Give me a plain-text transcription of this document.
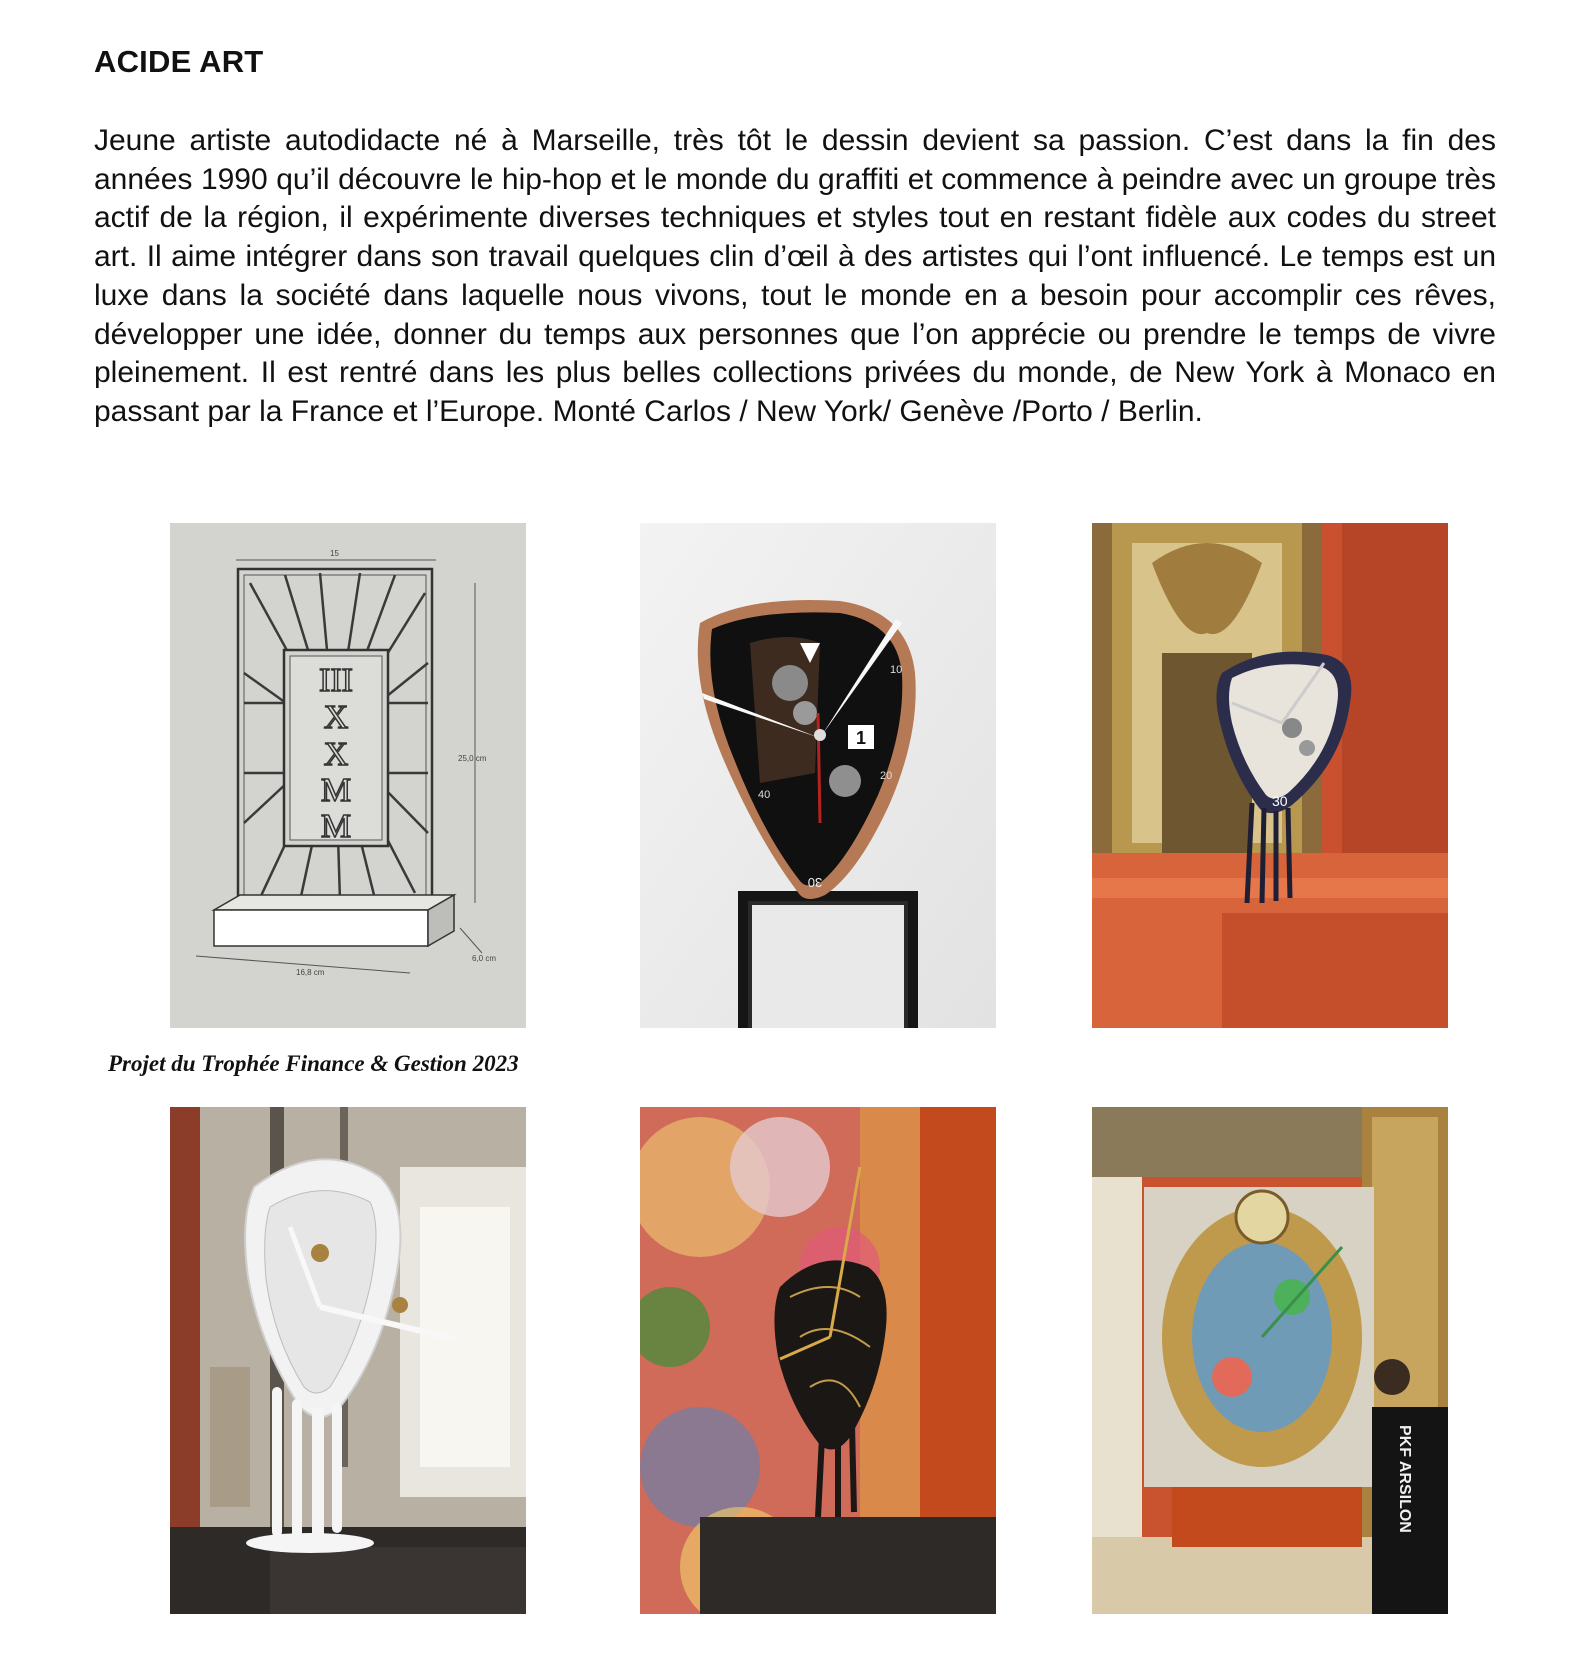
ACIDE ART

Jeune artiste autodidacte né à Marseille, très tôt le dessin devient sa passion. C’est dans la fin des années 1990 qu’il découvre le hip-hop et le monde du graffiti et commence à peindre avec un groupe très actif de la région, il expérimente diverses techniques et styles tout en restant fidèle aux codes du street art. Il aime intégrer dans son travail quelques clin d’œil à des artistes qui l’ont influencé. Le temps est un luxe dans la société dans laquelle nous vivons, tout le monde en a besoin pour accomplir ces rêves, développer une idée, donner du temps aux personnes que l’on apprécie ou prendre le temps de vivre pleinement. Il est rentré dans les plus belles collections privées du monde, de New York à Monaco en passant par la France et l’Europe. Monté Carlos / New York/ Genève /Porto / Berlin.

15
III
X
X
M
M
25,0 cm
6,0 cm
16,8 cm
1
30
20
40
10
30

Projet du Trophée Finance & Gestion 2023

PKF ARSILON
